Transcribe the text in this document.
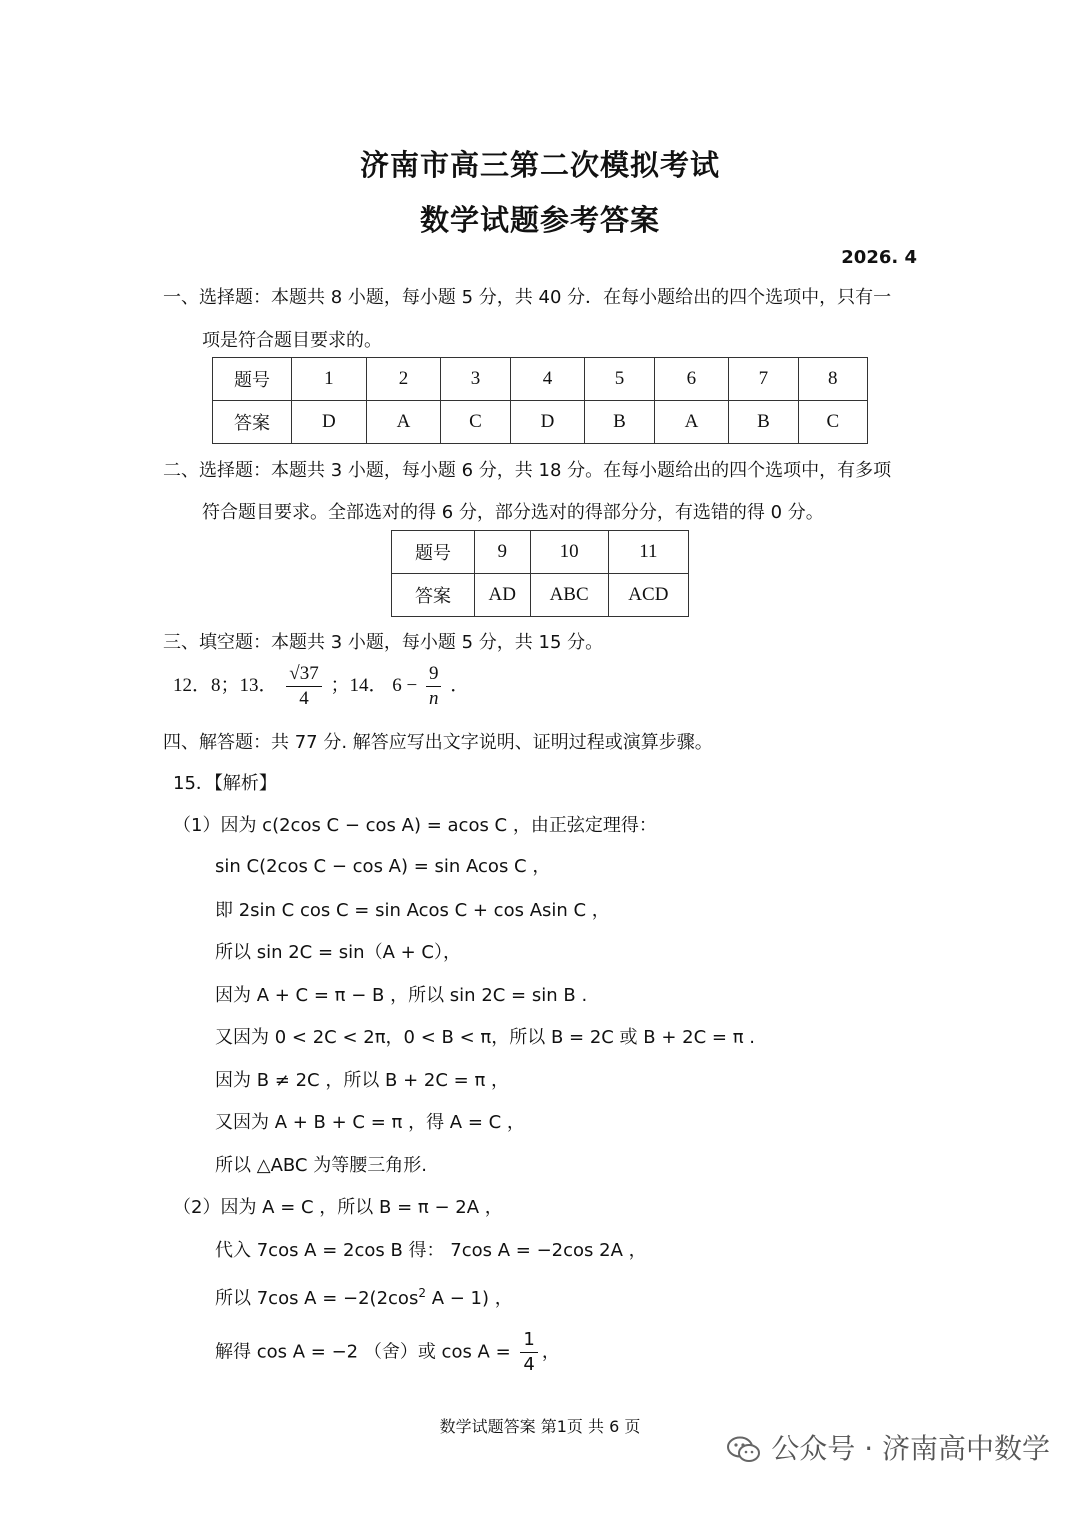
济南市高三第二次模拟考试
数学试题参考答案
2026. 4
一、选择题：本题共 8 小题，每小题 5 分，共 40 分．在每小题给出的四个选项中，只有一
项是符合题目要求的。
题号	1	2	3	4	5	6	7	8
答案	D	A	C	D	B	A	B	C
二、选择题：本题共 3 小题，每小题 6 分，共 18 分。在每小题给出的四个选项中，有多项
符合题目要求。全部选对的得 6 分，部分选对的得部分分，有选错的得 0 分。
题号	9	10	11
答案	AD	ABC	ACD
三、填空题：本题共 3 小题，每小题 5 分，共 15 分。
12．8；13． $\frac{√37}{4}$ ；14． $6 - \frac{9}{n}$ ．
四、解答题：共 77 分. 解答应写出文字说明、证明过程或演算步骤。
15．【解析】
（1）因为 c(2cos C − cos A) = acos C ，由正弦定理得：
sin C(2cos C − cos A) = sin Acos C ，
即 2sin C cos C = sin Acos C + cos Asin C ，
所以 sin 2C = sin（A + C），
因为 A + C = π − B ，所以 sin 2C = sin B .
又因为 0 < 2C < 2π，0 < B < π，所以 B = 2C 或 B + 2C = π .
因为 B ≠ 2C ，所以 B + 2C = π ，
又因为 A + B + C = π ，得 A = C ，
所以 △ABC 为等腰三角形.
（2）因为 A = C ，所以 B = π − 2A ，
代入 7cos A = 2cos B 得： 7cos A = −2cos 2A ，
所以 7cos $A = -2(2\cos^2$ A − 1) ，
解得 cos A = −2 （舍）或 $\cos A = \frac{1}{4}$ ，
数学试题答案 第1页 共 6 页
公众号 · 济南高中数学
